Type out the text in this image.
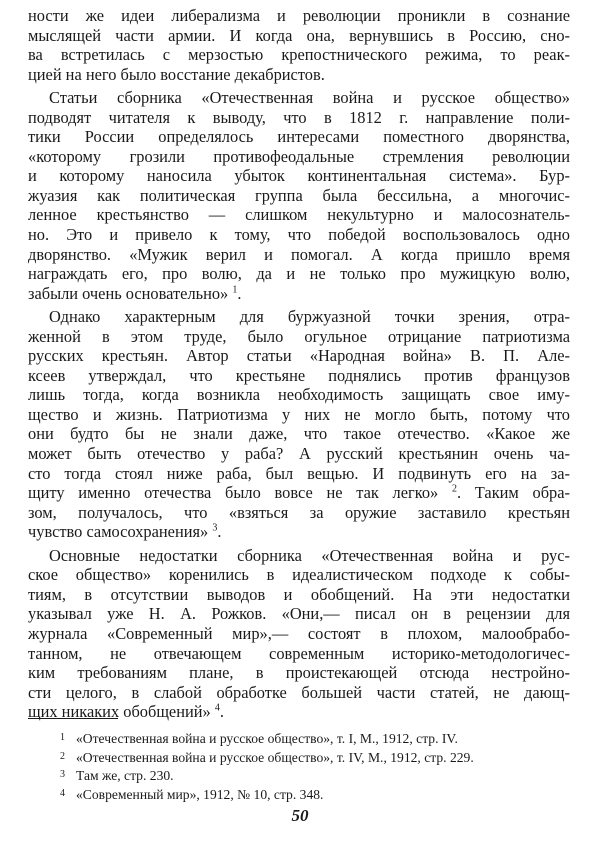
ности же идеи либерализма и революции проникли в сознание
мыслящей части армии. И когда она, вернувшись в Россию, сно-
ва встретилась с мерзостью крепостнического режима, то реак-
цией на него было восстание декабристов.
Статьи сборника «Отечественная война и русское общество»
подводят читателя к выводу, что в 1812 г. направление поли-
тики России определялось интересами поместного дворянства,
«которому грозили противофеодальные стремления революции
и которому наносила убыток континентальная система». Бур-
жуазия как политическая группа была бессильна, а многочис-
ленное крестьянство — слишком некультурно и малосознатель-
но. Это и привело к тому, что победой воспользовалось одно
дворянство. «Мужик верил и помогал. А когда пришло время
награждать его, про волю, да и не только про мужицкую волю,
забыли очень основательно» $^1$.
Однако характерным для буржуазной точки зрения, отра-
женной в этом труде, было огульное отрицание патриотизма
русских крестьян. Автор статьи «Народная война» В. П. Але-
ксеев утверждал, что крестьяне поднялись против французов
лишь тогда, когда возникла необходимость защищать свое иму-
щество и жизнь. Патриотизма у них не могло быть, потому что
они будто бы не знали даже, что такое отечество. «Какое же
может быть отечество у раба? А русский крестьянин очень ча-
сто тогда стоял ниже раба, был вещью. И подвинуть его на за-
щиту именно отечества было вовсе не так легко» $^2$. Таким обра-
зом, получалось, что «взяться за оружие заставило крестьян
чувство самосохранения» $^3$.
Основные недостатки сборника «Отечественная война и рус-
ское общество» коренились в идеалистическом подходе к собы-
тиям, в отсутствии выводов и обобщений. На эти недостатки
указывал уже Н. А. Рожков. «Они,— писал он в рецензии для
журнала «Современный мир»,— состоят в плохом, малообрабо-
танном, не отвечающем современным историко-методологичес-
ким требованиям плане, в проистекающей отсюда нестройно-
сти целого, в слабой обработке большей части статей, не дающ-
щих никаких обобщений» $^4$.
1 «Отечественная война и русское общество», т. I, М., 1912, стр. IV.
2 «Отечественная война и русское общество», т. IV, М., 1912, стр. 229.
3 Там же, стр. 230.
4 «Современный мир», 1912, № 10, стр. 348.
50
